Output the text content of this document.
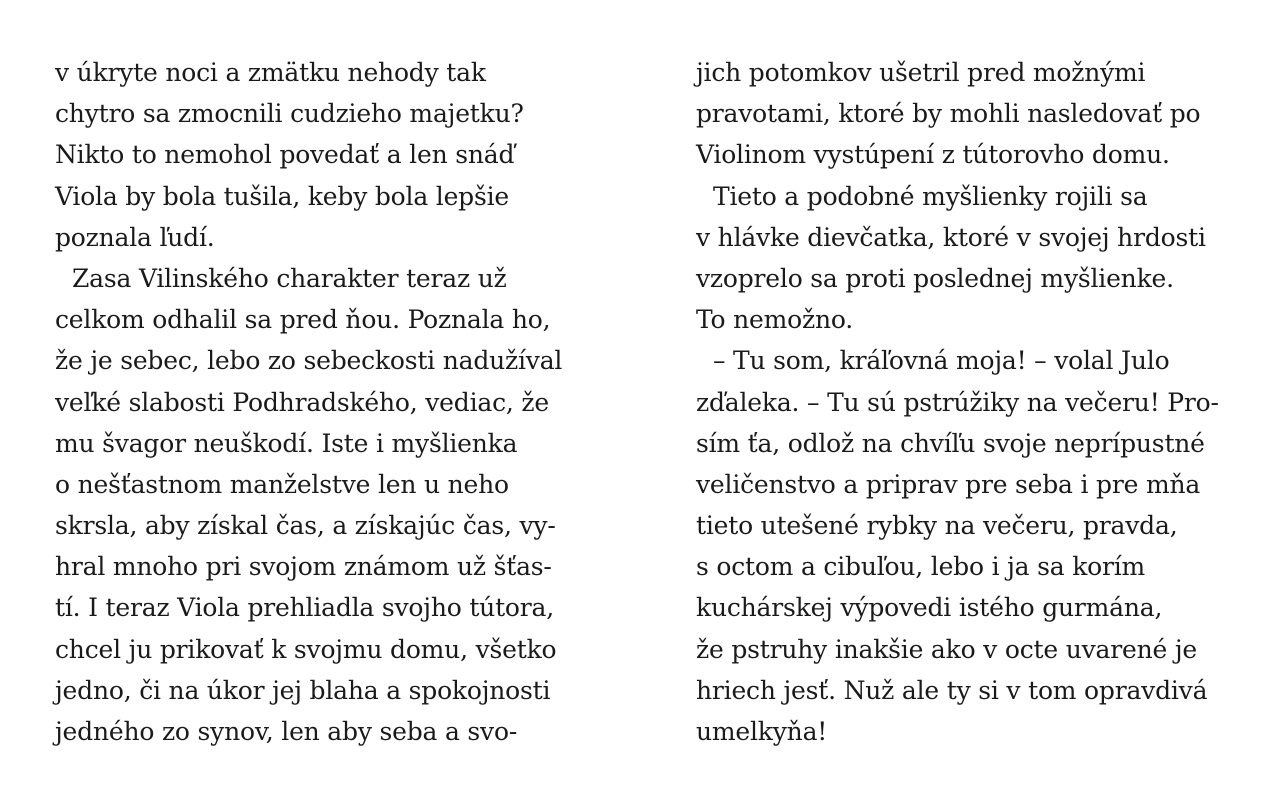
v úkryte noci a zmätku nehody tak
chytro sa zmocnili cudzieho majetku?
Nikto to nemohol povedať a len snáď
Viola by bola tušila, keby bola lepšie
poznala ľudí.
Zasa Vilinského charakter teraz už
celkom odhalil sa pred ňou. Poznala ho,
že je sebec, lebo zo sebeckosti nadužíval
veľké slabosti Podhradského, vediac, že
mu švagor neuškodí. Iste i myšlienka
o nešťastnom manželstve len u neho
skrsla, aby získal čas, a získajúc čas, vy-
hral mnoho pri svojom známom už šťas-
tí. I teraz Viola prehliadla svojho tútora,
chcel ju prikovať k svojmu domu, všetko
jedno, či na úkor jej blaha a spokojnosti
jedného zo synov, len aby seba a svo-
jich potomkov ušetril pred možnými
pravotami, ktoré by mohli nasledovať po
Violinom vystúpení z tútorovho domu.
Tieto a podobné myšlienky rojili sa
v hlávke dievčatka, ktoré v svojej hrdosti
vzoprelo sa proti poslednej myšlienke.
To nemožno.
– Tu som, kráľovná moja! – volal Julo
zďaleka. – Tu sú pstrúžiky na večeru! Pro-
sím ťa, odlož na chvíľu svoje neprípustné
veličenstvo a priprav pre seba i pre mňa
tieto utešené rybky na večeru, pravda,
s octom a cibuľou, lebo i ja sa korím
kuchárskej výpovedi istého gurmána,
že pstruhy inakšie ako v octe uvarené je
hriech jesť. Nuž ale ty si v tom opravdivá
umelkyňa!
